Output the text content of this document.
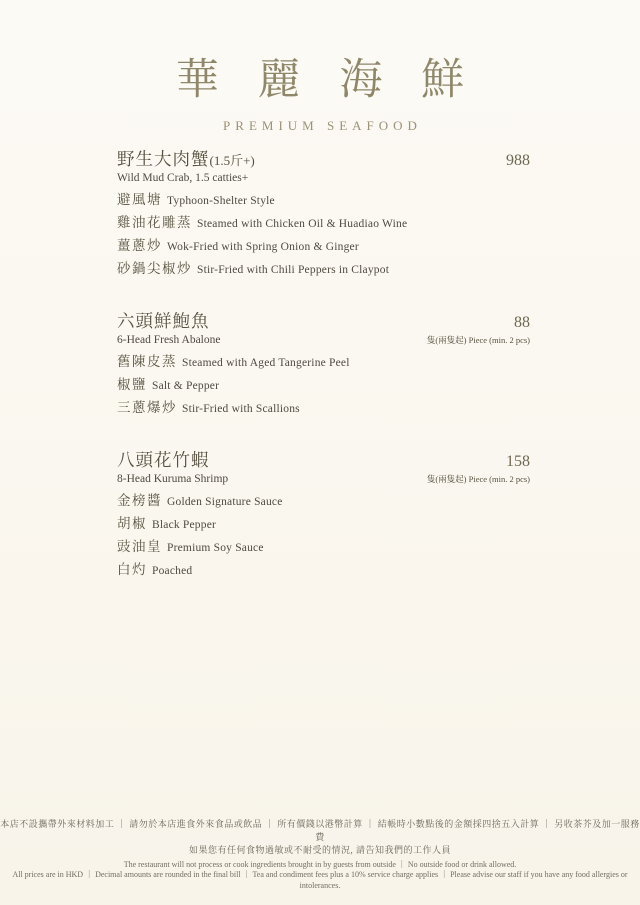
華 麗 海 鮮
PREMIUM SEAFOOD
野生大肉蟹(1.5斤+)	988
Wild Mud Crab, 1.5 catties+
避風塘 Typhoon-Shelter Style
雞油花雕蒸 Steamed with Chicken Oil & Huadiao Wine
薑蔥炒 Wok-Fried with Spring Onion & Ginger
砂鍋尖椒炒 Stir-Fried with Chili Peppers in Claypot
六頭鮮鮑魚	88
6-Head Fresh Abalone	隻(兩隻起) Piece (min. 2 pcs)
舊陳皮蒸 Steamed with Aged Tangerine Peel
椒鹽 Salt & Pepper
三蔥爆炒 Stir-Fried with Scallions
八頭花竹蝦	158
8-Head Kuruma Shrimp	隻(兩隻起) Piece (min. 2 pcs)
金榜醬 Golden Signature Sauce
胡椒 Black Pepper
豉油皇 Premium Soy Sauce
白灼 Poached
本店不設攜帶外來材料加工 ｜ 請勿於本店進食外來食品或飲品 ｜ 所有價錢以港幣計算 ｜ 結帳時小數點後的金額採四捨五入計算 ｜ 另收茶芥及加一服務費
如果您有任何食物過敏或不耐受的情況, 請告知我們的工作人員
The restaurant will not process or cook ingredients brought in by guests from outside ｜ No outside food or drink allowed.
All prices are in HKD ｜ Decimal amounts are rounded in the final bill ｜ Tea and condiment fees plus a 10% service charge applies ｜ Please advise our staff if you have any food allergies or intolerances.
